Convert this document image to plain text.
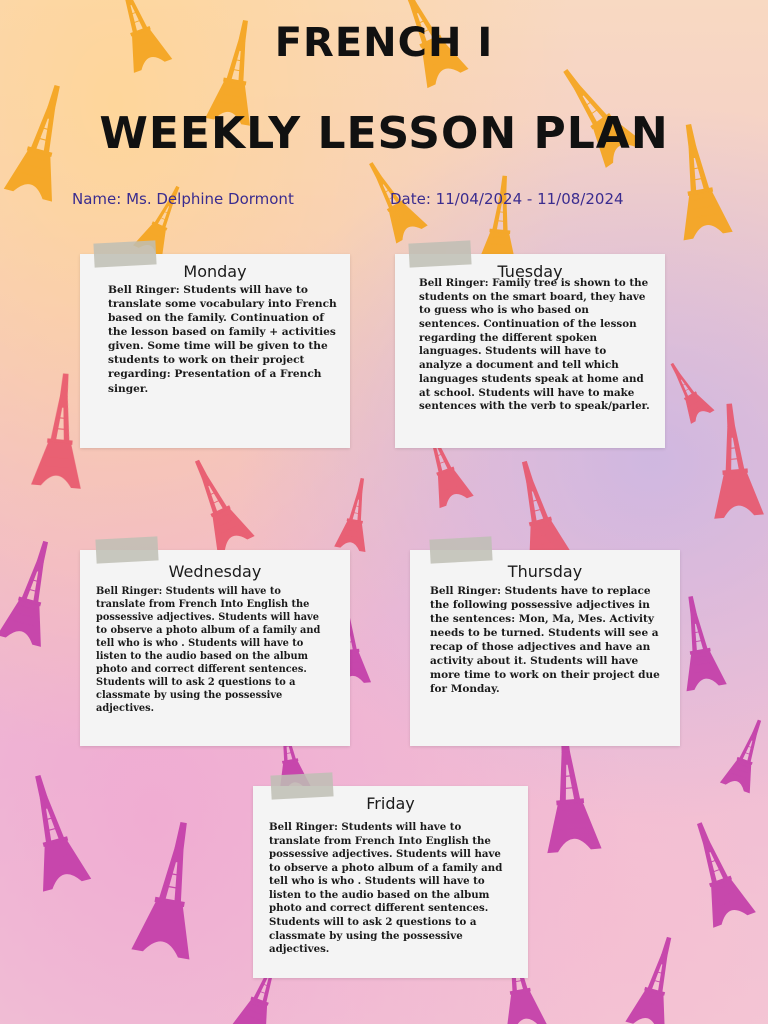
FRENCH I
WEEKLY LESSON PLAN
Name: Ms. Delphine Dormont	Date: 11/04/2024 - 11/08/2024
Monday

Bell Ringer: Students will have to translate some vocabulary into French based on the family. Continuation of the lesson based on family + activities given. Some time will be given to the students to work on their project regarding: Presentation of a French singer.

Tuesday

Bell Ringer: Family tree is shown to the students on the smart board, they have to guess who is who based on sentences. Continuation of the lesson regarding the different spoken languages. Students will have to analyze a document and tell which languages students speak at home and at school. Students will have to make sentences with the verb to speak/parler.

Wednesday

Bell Ringer: Students will have to translate from French Into English the possessive adjectives. Students will have to observe a photo album of a family and tell who is who . Students will have to listen to the audio based on the album photo and correct different sentences. Students will to ask 2 questions to a classmate by using the possessive adjectives.

Thursday

Bell Ringer: Students have to replace the following possessive adjectives in the sentences: Mon, Ma, Mes. Activity needs to be turned. Students will see a recap of those adjectives and have an activity about it. Students will have more time to work on their project due for Monday.

Friday

Bell Ringer: Students will have to translate from French Into English the possessive adjectives. Students will have to observe a photo album of a family and tell who is who . Students will have to listen to the audio based on the album photo and correct different sentences. Students will to ask 2 questions to a classmate by using the possessive adjectives.
